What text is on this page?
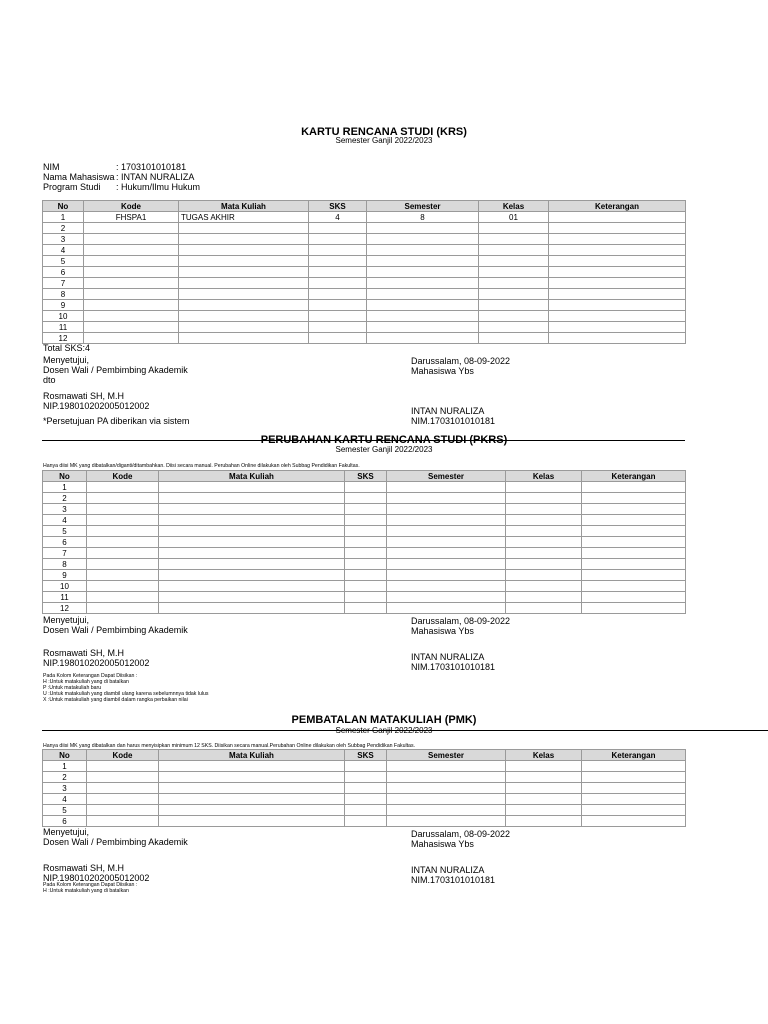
KARTU RENCANA STUDI (KRS)
Semester Ganjil 2022/2023
NIM	: 1703101010181
Nama Mahasiswa : INTAN NURALIZA
Program Studi : Hukum/Ilmu Hukum
No	Kode	Mata Kuliah	SKS	Semester	Kelas	Keterangan
1	FHSPA1	TUGAS AKHIR	4	8	01	
2						
3						
4						
5						
6						
7						
8						
9						
10						
11						
12						
Total SKS:4
Menyetujui,
Dosen Wali / Pembimbing Akademik
dto
Rosmawati SH, M.H
NIP.198010202005012002
*Persetujuan PA diberikan via sistem
Darussalam, 08-09-2022
Mahasiswa Ybs
INTAN NURALIZA
NIM.1703101010181
PERUBAHAN KARTU RENCANA STUDI (PKRS)
Semester Ganjil 2022/2023
Hanya diisi MK yang dibatalkan/diganti/ditambahkan. Diisi secara manual. Perubahan Online dilakukan oleh Subbag Pendidikan Fakultas.
No	Kode	Mata Kuliah	SKS	Semester	Kelas	Keterangan
1						
2						
3						
4						
5						
6						
7						
8						
9						
10						
11						
12						
Menyetujui,
Dosen Wali / Pembimbing Akademik
Rosmawati SH, M.H
NIP.198010202005012002
Darussalam, 08-09-2022
Mahasiswa Ybs
INTAN NURALIZA
NIM.1703101010181
Pada Kolom Keterangan Dapat Diisikan :
H :Untuk matakuliah yang di batalkan
P :Untuk matakuliah baru
U :Untuk matakuliah yang diambil ulang karena sebelumnnya tidak lulus
X :Untuk matakuliah yang diambil dalam rangka perbaikan nilai
PEMBATALAN MATAKULIAH (PMK)
Semester Ganjil 2022/2023
Hanya diisi MK yang dibatalkan dan harus menyisipkan minimum 12 SKS. Diisikan secara manual.Perubahan Online dilakukan oleh Subbag Pendidikan Fakultas.
No	Kode	Mata Kuliah	SKS	Semester	Kelas	Keterangan
1						
2						
3						
4						
5						
6						
Menyetujui,
Dosen Wali / Pembimbing Akademik
Rosmawati SH, M.H
NIP.198010202005012002
Darussalam, 08-09-2022
Mahasiswa Ybs
INTAN NURALIZA
NIM.1703101010181
Pada Kolom Keterangan Dapat Diisikan :
H :Untuk matakuliah yang di batalkan
